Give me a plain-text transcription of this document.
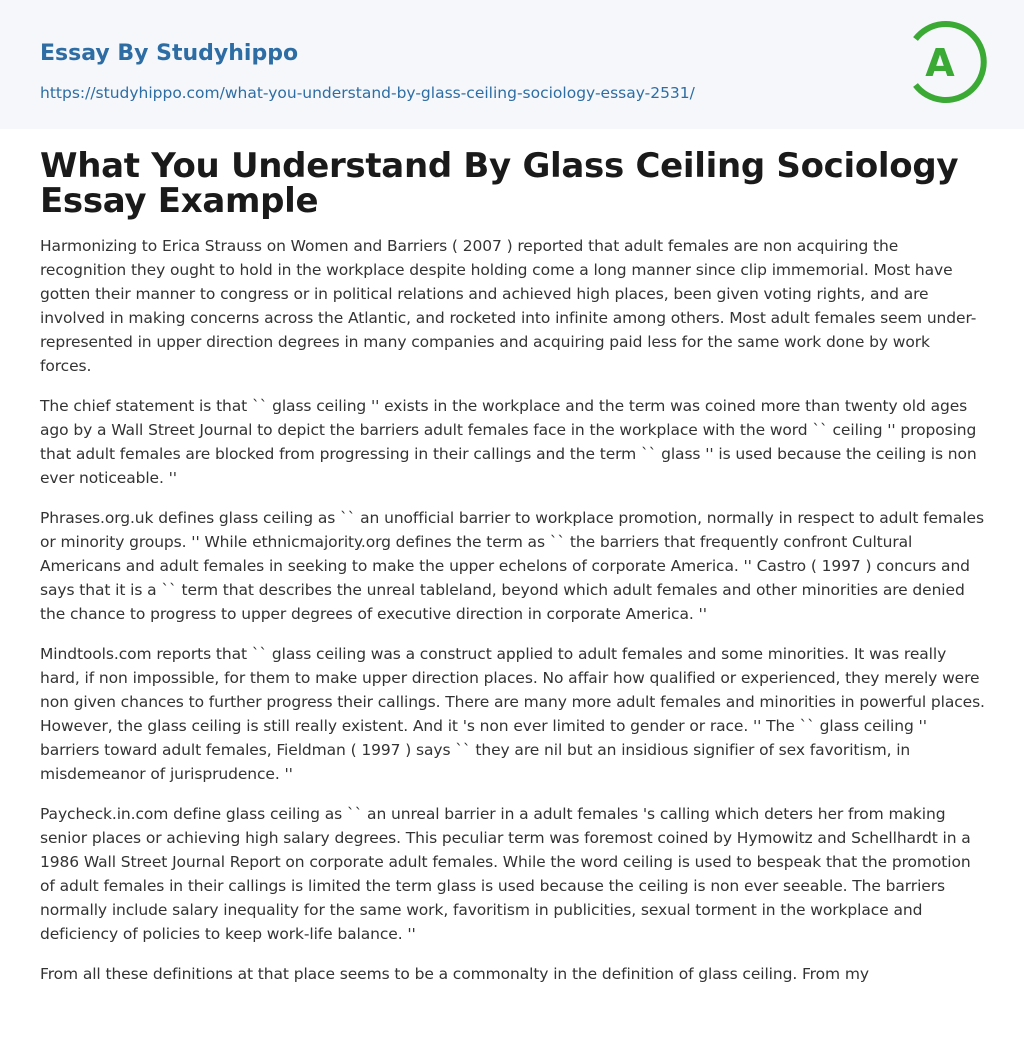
Essay By Studyhippo
https://studyhippo.com/what-you-understand-by-glass-ceiling-sociology-essay-2531/
A
What You Understand By Glass Ceiling Sociology Essay Example

Harmonizing to Erica Strauss on Women and Barriers ( 2007 ) reported that adult females are non acquiring the recognition they ought to hold in the workplace despite holding come a long manner since clip immemorial. Most have gotten their manner to congress or in political relations and achieved high places, been given voting rights, and are involved in making concerns across the Atlantic, and rocketed into infinite among others. Most adult females seem under-represented in upper direction degrees in many companies and acquiring paid less for the same work done by work forces.

The chief statement is that `` glass ceiling '' exists in the workplace and the term was coined more than twenty old ages ago by a Wall Street Journal to depict the barriers adult females face in the workplace with the word `` ceiling '' proposing that adult females are blocked from progressing in their callings and the term `` glass '' is used because the ceiling is non ever noticeable. ''

Phrases.org.uk defines glass ceiling as `` an unofficial barrier to workplace promotion, normally in respect to adult females or minority groups. '' While ethnicmajority.org defines the term as `` the barriers that frequently confront Cultural Americans and adult females in seeking to make the upper echelons of corporate America. '' Castro ( 1997 ) concurs and says that it is a `` term that describes the unreal tableland, beyond which adult females and other minorities are denied the chance to progress to upper degrees of executive direction in corporate America. ''

Mindtools.com reports that `` glass ceiling was a construct applied to adult females and some minorities. It was really hard, if non impossible, for them to make upper direction places. No affair how qualified or experienced, they merely were non given chances to further progress their callings. There are many more adult females and minorities in powerful places. However, the glass ceiling is still really existent. And it 's non ever limited to gender or race. '' The `` glass ceiling '' barriers toward adult females, Fieldman ( 1997 ) says `` they are nil but an insidious signifier of sex favoritism, in misdemeanor of jurisprudence. ''

Paycheck.in.com define glass ceiling as `` an unreal barrier in a adult females 's calling which deters her from making senior places or achieving high salary degrees. This peculiar term was foremost coined by Hymowitz and Schellhardt in a 1986 Wall Street Journal Report on corporate adult females. While the word ceiling is used to bespeak that the promotion of adult females in their callings is limited the term glass is used because the ceiling is non ever seeable. The barriers normally include salary inequality for the same work, favoritism in publicities, sexual torment in the workplace and deficiency of policies to keep work-life balance. ''

From all these definitions at that place seems to be a commonalty in the definition of glass ceiling. From my
